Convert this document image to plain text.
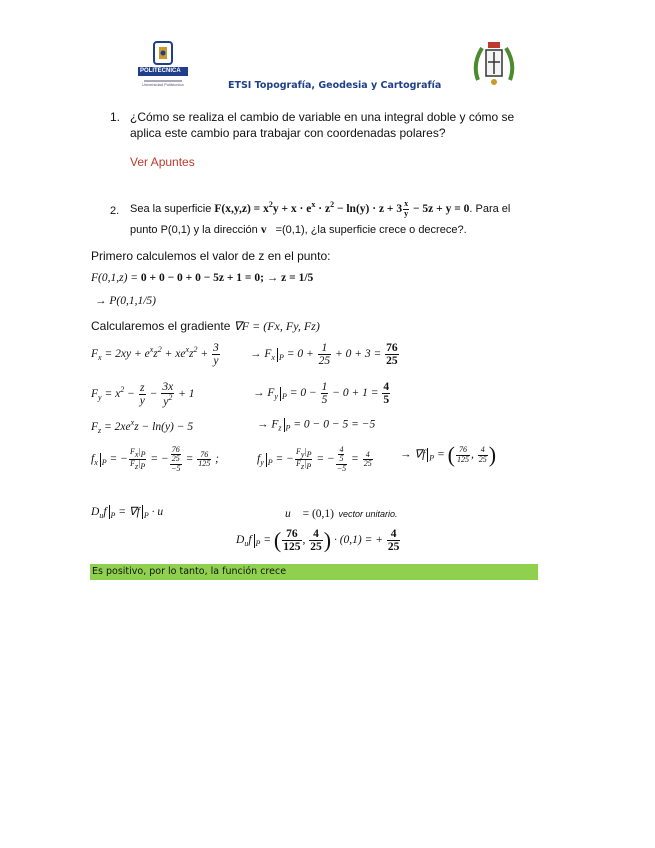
POLITÉCNICA
Universidad Politécnica	ETSI Topografía, Geodesia y Cartografía
1. ¿Cómo se realiza el cambio de variable en una integral doble y cómo se
aplica este cambio para trabajar con coordenadas polares?
Ver Apuntes
2. Sea la superficie $F(x,y,z) = x^2y + x \cdot e^x \cdot z^2 - \ln(y) \cdot z + 3 \frac{x}{y} - 5z + y = 0$. Para el
punto P(0,1) y la dirección v⃗=(0,1), ¿la superficie crece o decrece?.
Primero calculemos el valor de z en el punto:
F(0,1,z) = 0 + 0 − 0 + 0 − 5z + 1 = 0; → z = 1/5
→ P(0,1,1/5)
Calcularemos el gradiente ∇F = (Fx, Fy, Fz)
$F_x = 2xy + e^xz^2 + xe^xz^2 + \frac{3}{y}$	→ $F_x$ $_P = 0 + \frac{1}{25} + 0 + 3 = \frac{76}{25}$
$F_y = x^2 - \frac{z}{y} - \frac{3x}{y^2} + 1$	→ $F_y$ $_P = 0 - \frac{1}{5} - 0 + 1 = \frac{4}{5}$
$F_z = 2xe^xz - \ln(y) - 5$	→ $F_z$ $_P$ = 0 − 0 − 5 = −5
$f_x$ $_P$ = − $\frac{Fx|P}{Fz|P}$ = − $\frac{\frac{76}{25}}{-5} = \frac{76}{125}$ ;	$f_y$ $_P$ = − $\frac{Fy|P}{Fz|P}$ = − $\frac{\frac{4}{5}}{-5} = \frac{4}{25} \to \nabla f$ $_P$ = ( $\frac{76}{125}$ , $\frac{4}{25}$ )
$D_uf$ $_P$ = ∇f $_P$ · u⃗	u⃗ = (0,1) vector unitario.
$D_uf$ $_P$ = ( $\frac{76}{125}$ , $\frac{4}{25}$ ) · (0,1) = + $\frac{4}{25}$
Es positivo, por lo tanto, la función crece
